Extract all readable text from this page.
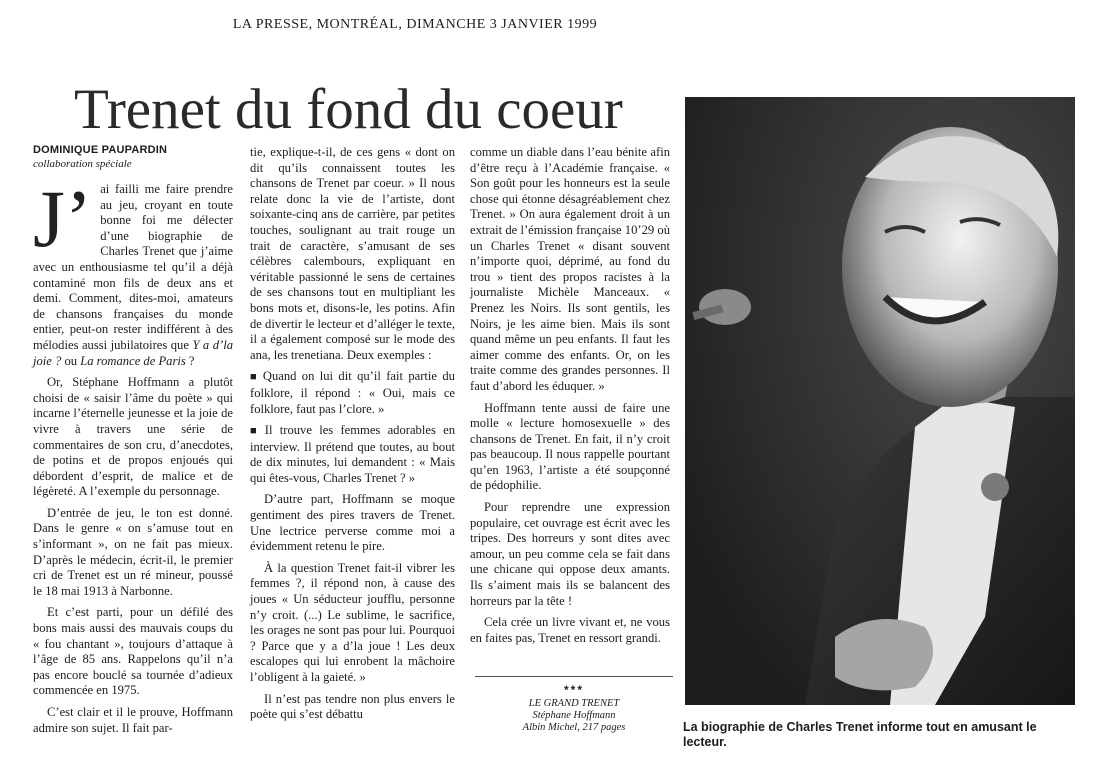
LA PRESSE, MONTRÉAL, DIMANCHE 3 JANVIER 1999
Trenet du fond du coeur
DOMINIQUE PAUPARDIN
collaboration spéciale

J’ ai failli me faire prendre au jeu, croyant en toute bonne foi me délecter d’une biographie de Charles Trenet que j’aime avec un enthousiasme tel qu’il a déjà contaminé mon fils de deux ans et demi. Comment, dites-moi, amateurs de chansons françaises du monde entier, peut-on rester indifférent à des mélodies aussi jubilatoires que Y a d’la joie ? ou La romance de Paris ?

Or, Stéphane Hoffmann a plutôt choisi de « saisir l’âme du poète » qui incarne l’éternelle jeunesse et la joie de vivre à travers une série de commentaires de son cru, d’anecdotes, de potins et de propos enjoués qui débordent d’esprit, de malice et de légèreté. A l’exemple du personnage.

D’entrée de jeu, le ton est donné. Dans le genre « on s’amuse tout en s’informant », on ne fait pas mieux. D’après le médecin, écrit-il, le premier cri de Trenet est un ré mineur, poussé le 18 mai 1913 à Narbonne.

Et c’est parti, pour un défilé des bons mais aussi des mauvais coups du « fou chantant », toujours d’attaque à l’âge de 85 ans. Rappelons qu’il n’a pas encore bouclé sa tournée d’adieux commencée en 1975.

C’est clair et il le prouve, Hoffmann admire son sujet. Il fait par-

tie, explique-t-il, de ces gens « dont on dit qu’ils connaissent toutes les chansons de Trenet par coeur. » Il nous relate donc la vie de l’artiste, dont soixante-cinq ans de carrière, par petites touches, soulignant au trait rouge un trait de caractère, s’amusant de ses célèbres calembours, expliquant en véritable passionné le sens de certaines de ses chansons tout en multipliant les bons mots et, disons-le, les potins. Afin de divertir le lecteur et d’alléger le texte, il a également composé sur le mode des ana, les trenetiana. Deux exemples :

■ Quand on lui dit qu’il fait partie du folklore, il répond : « Oui, mais ce folklore, faut pas l’clore. »

■ Il trouve les femmes adorables en interview. Il prétend que toutes, au bout de dix minutes, lui demandent : « Mais qui êtes-vous, Charles Trenet ? »

D’autre part, Hoffmann se moque gentiment des pires travers de Trenet. Une lectrice perverse comme moi a évidemment retenu le pire.

À la question Trenet fait-il vibrer les femmes ?, il répond non, à cause des joues « Un séducteur joufflu, personne n’y croit. (...) Le sublime, le sacrifice, les orages ne sont pas pour lui. Pourquoi ? Parce que y a d’la joue ! Les deux escalopes qui lui enrobent la mâchoire l’obligent à la gaieté. »

Il n’est pas tendre non plus envers le poète qui s’est débattu

comme un diable dans l’eau bénite afin d’être reçu à l’Académie française. « Son goût pour les honneurs est la seule chose qui étonne désagréablement chez Trenet. » On aura également droit à un extrait de l’émission française 10’29 où un Charles Trenet « disant souvent n’importe quoi, déprimé, au fond du trou » tient des propos racistes à la journaliste Michèle Manceaux. « Prenez les Noirs. Ils sont gentils, les Noirs, je les aime bien. Mais ils sont quand même un peu enfants. Il faut les aimer comme des enfants. Or, on les traite comme des grandes personnes. Il faut d’abord les éduquer. »

Hoffmann tente aussi de faire une molle « lecture homosexuelle » des chansons de Trenet. En fait, il n’y croit pas beaucoup. Il nous rappelle pourtant qu’en 1963, l’artiste a été soupçonné de pédophilie.

Pour reprendre une expression populaire, cet ouvrage est écrit avec les tripes. Des horreurs y sont dites avec amour, un peu comme cela se fait dans une chicane qui oppose deux amants. Ils s’aiment mais ils se balancent des horreurs par la tête !

Cela crée un livre vivant et, ne vous en faites pas, Trenet en ressort grandi.

***
LE GRAND TRENET
Stéphane Hoffmann
Albin Michel, 217 pages	La biographie de Charles Trenet informe tout en amusant le lecteur.
